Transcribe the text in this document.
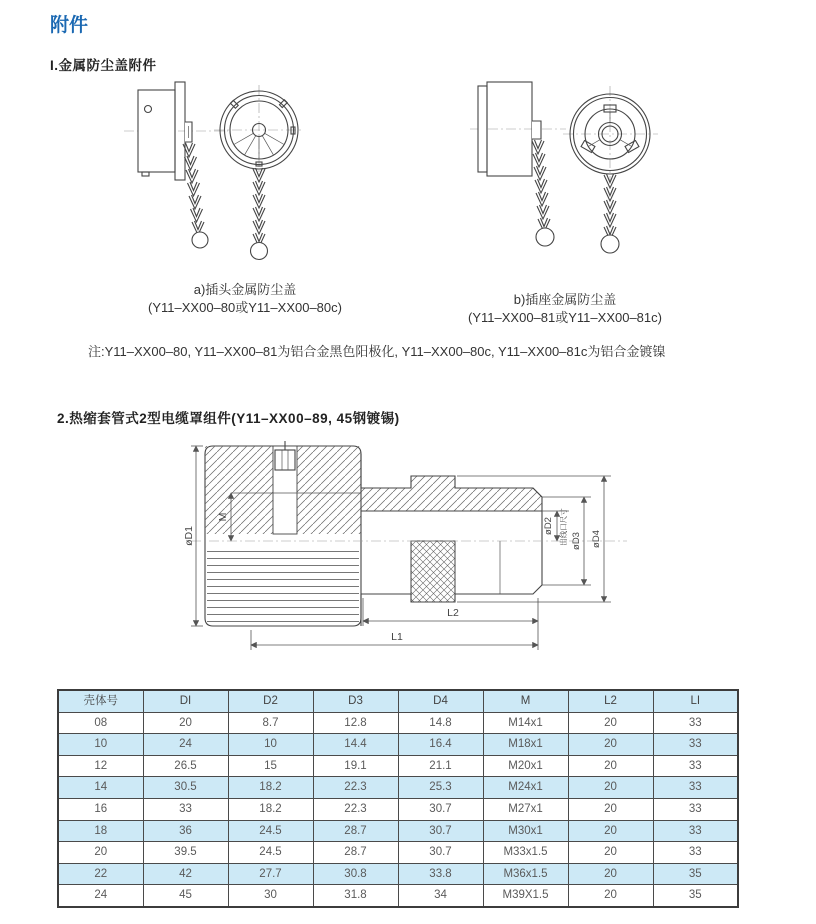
附件
I.金属防尘盖附件
a)插头金属防尘盖
(Y11–XX00–80或Y11–XX00–80c)
b)插座金属防尘盖
(Y11–XX00–81或Y11–XX00–81c)
注:Y11–XX00–80, Y11–XX00–81为铝合金黑色阳极化, Y11–XX00–80c, Y11–XX00–81c为铝合金镀镍
2.热缩套管式2型电缆罩组件(Y11–XX00–89, 45钢镀锡)
øD1
M
øD2 出线口尺寸 øD3 øD4
L2
L1
壳体号	DI	D2	D3	D4	M	L2	LI
08	20	8.7	12.8	14.8	M14x1	20	33
10	24	10	14.4	16.4	M18x1	20	33
12	26.5	15	19.1	21.1	M20x1	20	33
14	30.5	18.2	22.3	25.3	M24x1	20	33
16	33	18.2	22.3	30.7	M27x1	20	33
18	36	24.5	28.7	30.7	M30x1	20	33
20	39.5	24.5	28.7	30.7	M33x1.5	20	33
22	42	27.7	30.8	33.8	M36x1.5	20	35
24	45	30	31.8	34	M39X1.5	20	35
